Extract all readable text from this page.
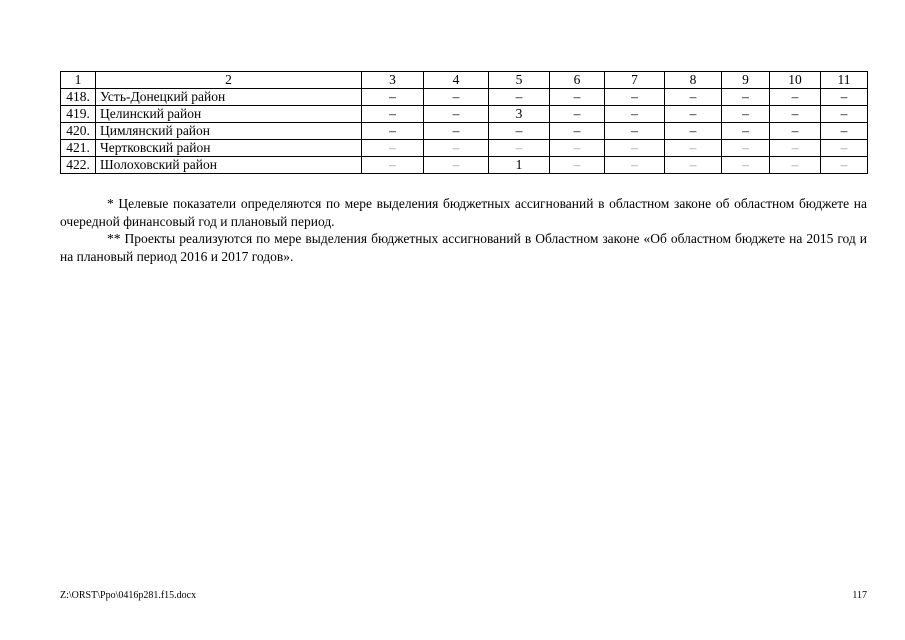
1	2	3	4	5	6	7	8	9	10	11
418.	Усть-Донецкий район	–	–	–	–	–	–	–	–	–
419.	Целинский район	–	–	3	–	–	–	–	–	–
420.	Цимлянский район	–	–	–	–	–	–	–	–	–
421.	Чертковский район	–	–	–	–	–	–	–	–	–
422.	Шолоховский район	–	–	1	–	–	–	–	–	–

* Целевые показатели определяются по мере выделения бюджетных ассигнований в областном законе об областном бюджете на очередной финансовый год и плановый период.

** Проекты реализуются по мере выделения бюджетных ассигнований в Областном законе «Об областном бюджете на 2015 год и на плановый период 2016 и 2017 годов».

Z:\ORST\Ppo\0416p281.f15.docx	117
